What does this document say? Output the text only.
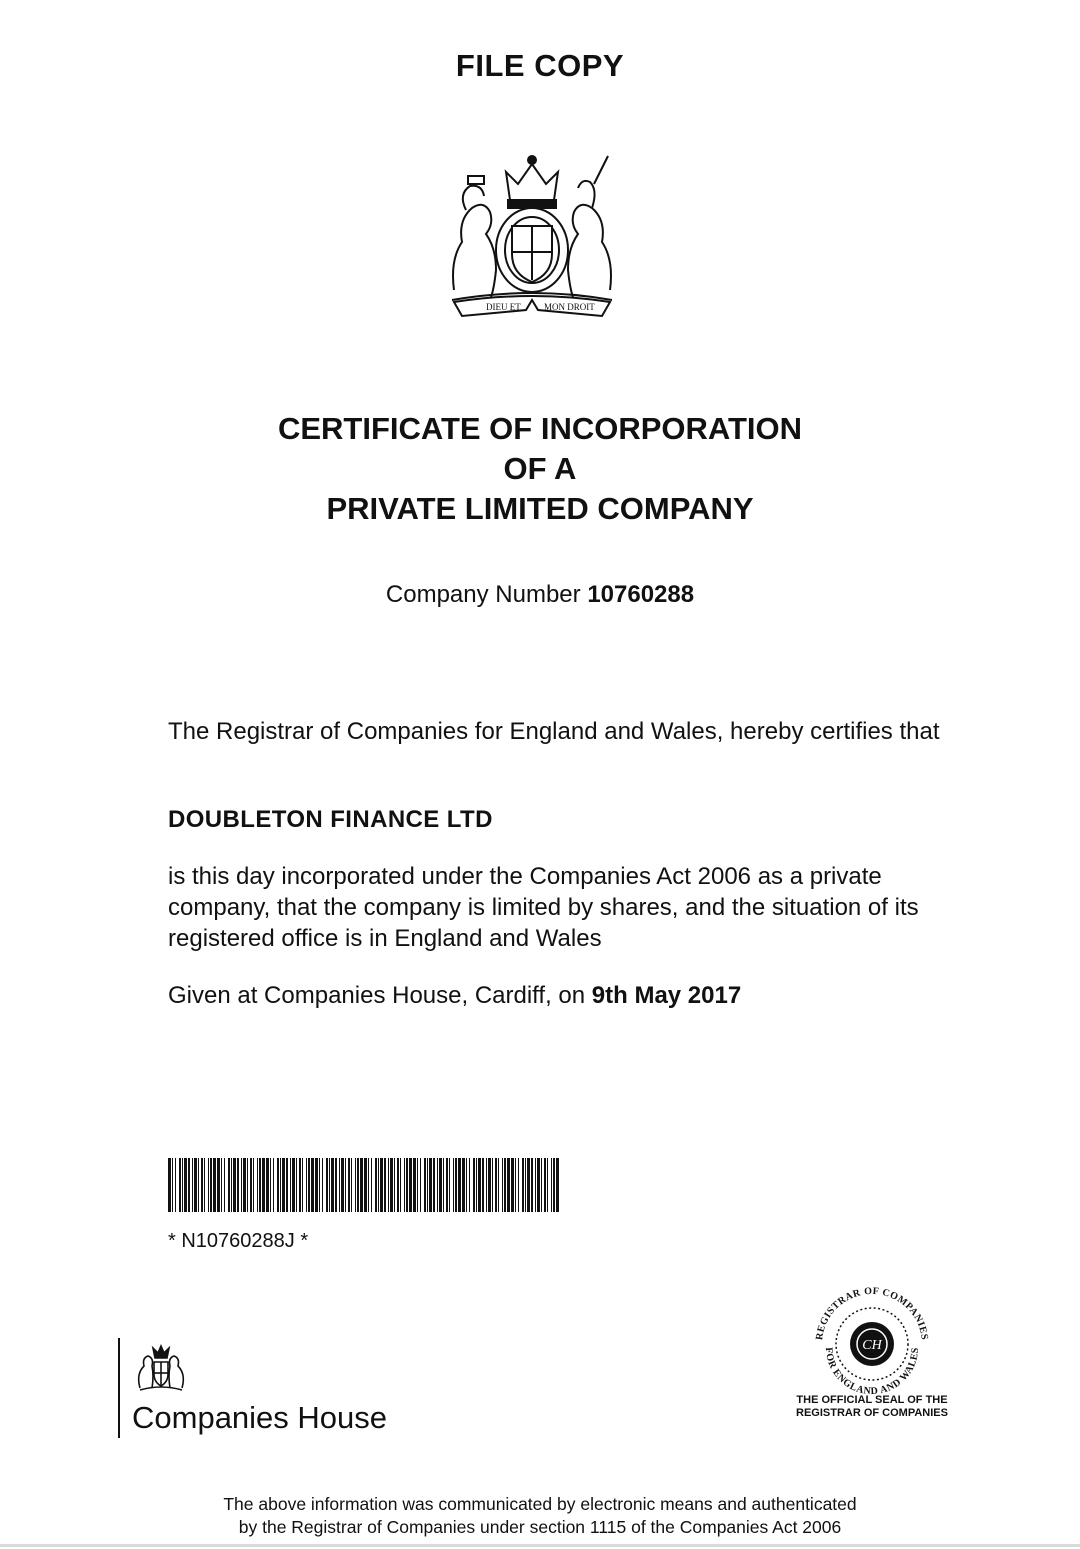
FILE COPY
DIEU ET	MON DROIT
CERTIFICATE OF INCORPORATION
OF A
PRIVATE LIMITED COMPANY
Company Number 10760288
The Registrar of Companies for England and Wales, hereby certifies that
DOUBLETON FINANCE LTD
is this day incorporated under the Companies Act 2006 as a private company, that the company is limited by shares, and the situation of its registered office is in England and Wales
Given at Companies House, Cardiff, on 9th May 2017
* N10760288J *
Companies House
CH
REGISTRAR OF COMPANIES
FOR ENGLAND AND WALES
THE OFFICIAL SEAL OF THE
REGISTRAR OF COMPANIES
The above information was communicated by electronic means and authenticated
by the Registrar of Companies under section 1115 of the Companies Act 2006
